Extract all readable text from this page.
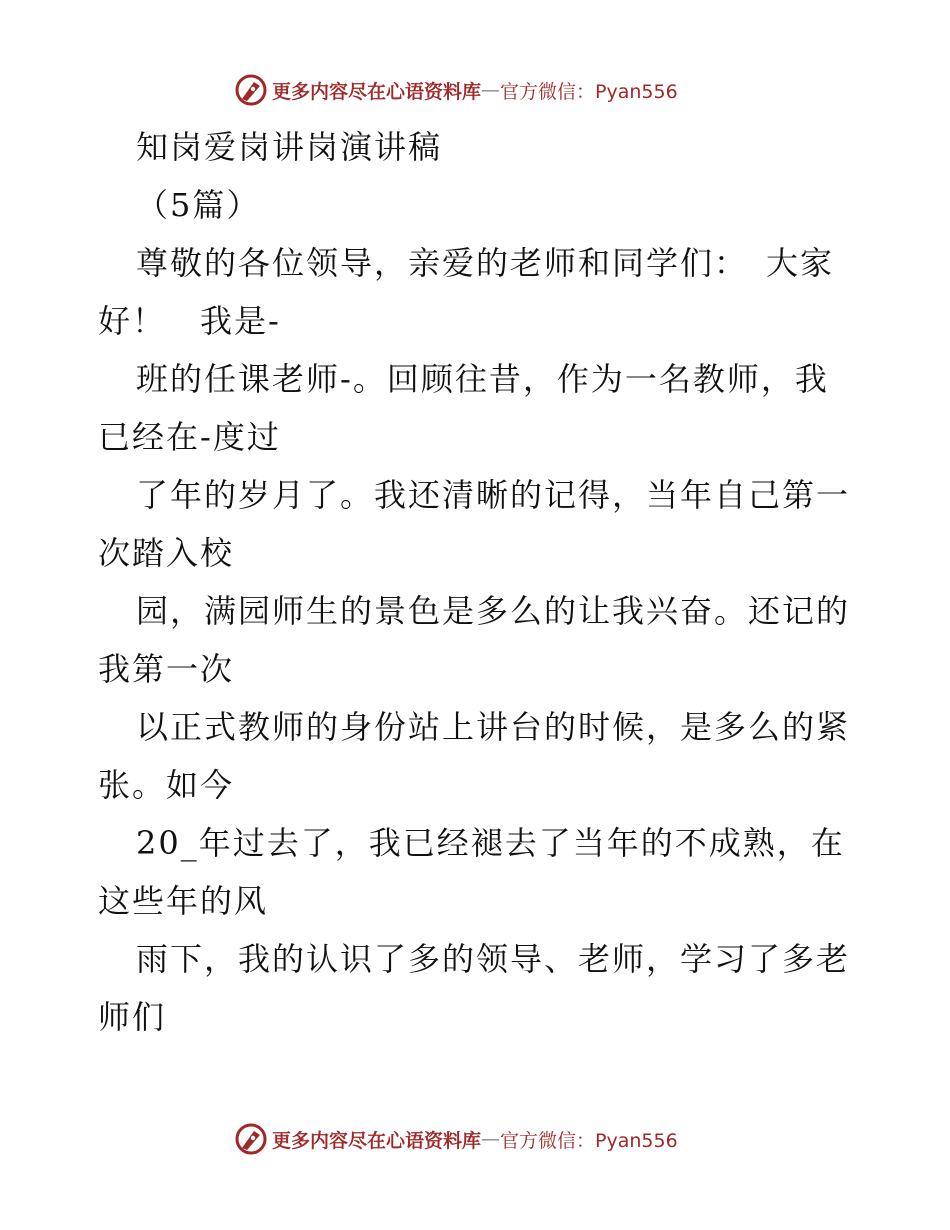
更多内容尽在心语资料库 — 官方微信：Pyan556
知岗爱岗讲岗演讲稿
（5篇）
尊敬的各位领导，亲爱的老师和同学们：　大家
好！　我是-
班的任课老师-。回顾往昔，作为一名教师，我
已经在-度过
了年的岁月了。我还清晰的记得，当年自己第一
次踏入校
园，满园师生的景色是多么的让我兴奋。还记的
我第一次
以正式教师的身份站上讲台的时候，是多么的紧
张。如今
20_年过去了，我已经褪去了当年的不成熟，在
这些年的风
雨下，我的认识了多的领导、老师，学习了多老
师们
更多内容尽在心语资料库 — 官方微信：Pyan556
